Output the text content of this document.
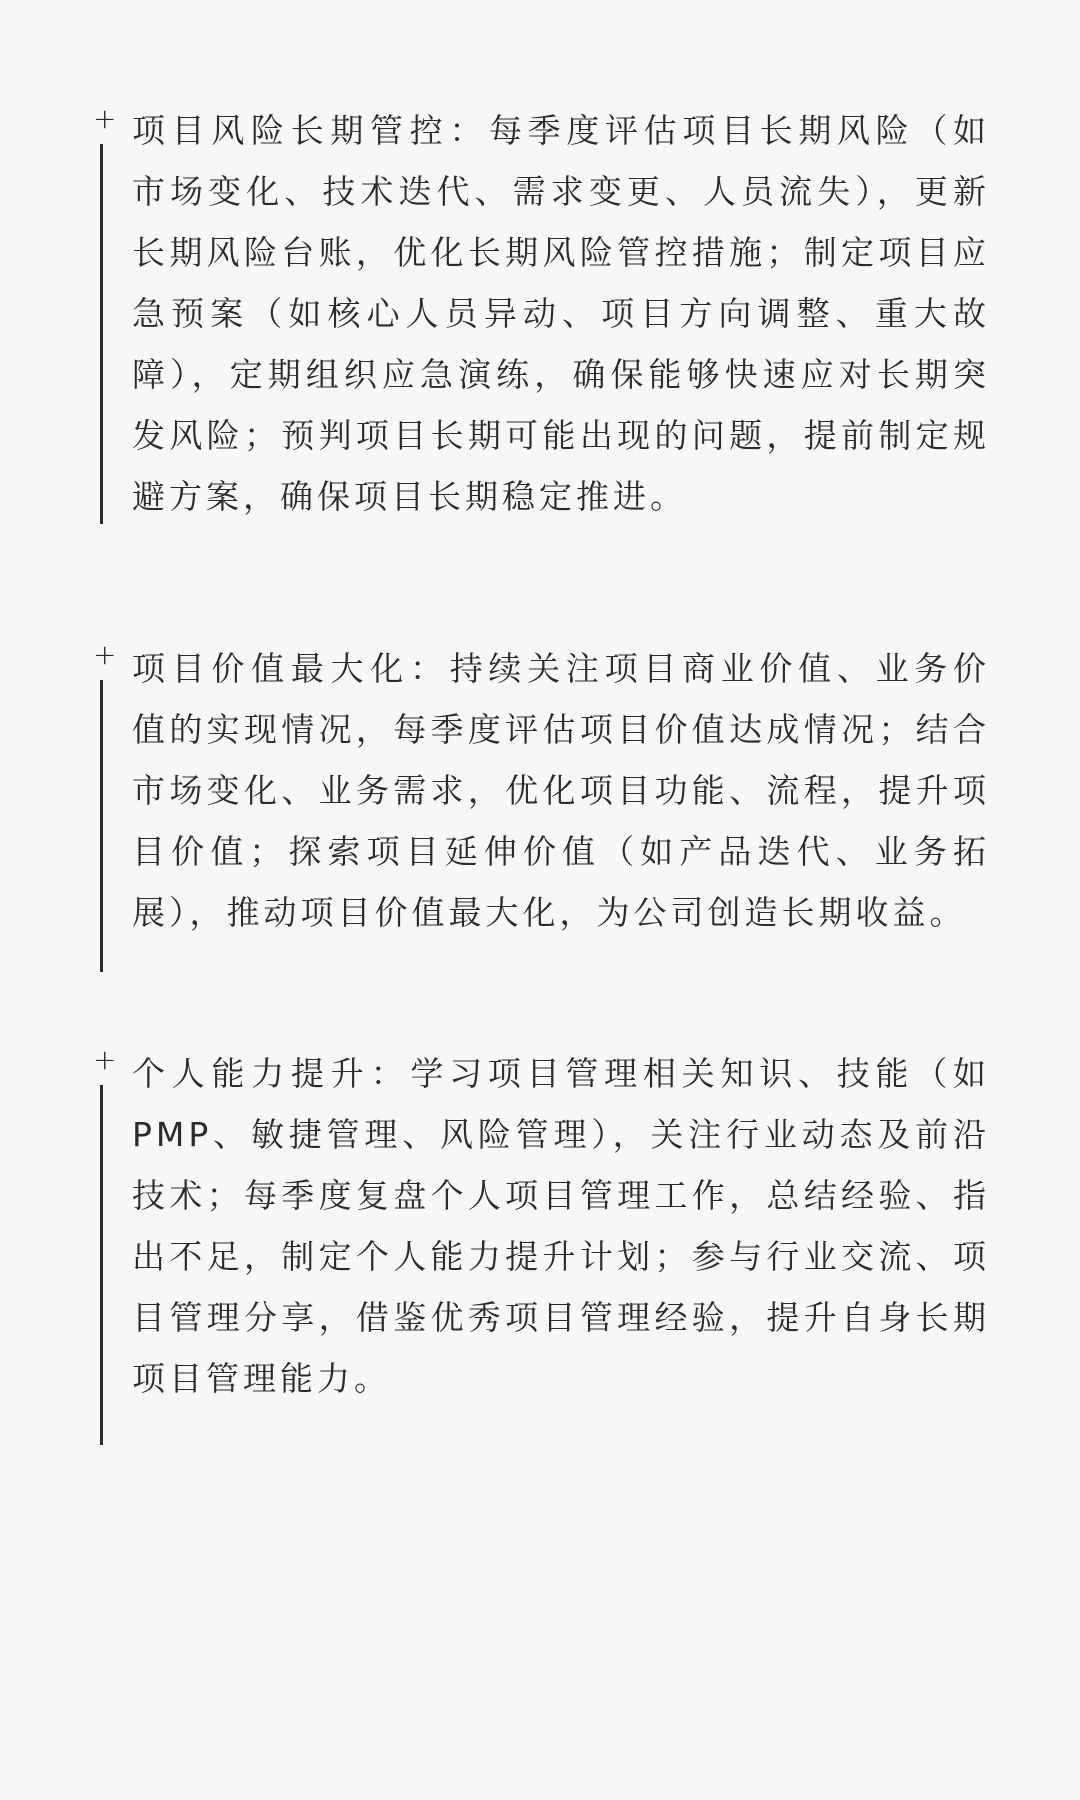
+ 项目风险长期管控：每季度评估项目长期风险（如市场变化、技术迭代、需求变更、人员流失），更新长期风险台账，优化长期风险管控措施；制定项目应急预案（如核心人员异动、项目方向调整、重大故障），定期组织应急演练，确保能够快速应对长期突发风险；预判项目长期可能出现的问题，提前制定规避方案，确保项目长期稳定推进。

+ 项目价值最大化：持续关注项目商业价值、业务价值的实现情况，每季度评估项目价值达成情况；结合市场变化、业务需求，优化项目功能、流程，提升项目价值；探索项目延伸价值（如产品迭代、业务拓展），推动项目价值最大化，为公司创造长期收益。

+ 个人能力提升：学习项目管理相关知识、技能（如PMP、敏捷管理、风险管理），关注行业动态及前沿技术；每季度复盘个人项目管理工作，总结经验、指出不足，制定个人能力提升计划；参与行业交流、项目管理分享，借鉴优秀项目管理经验，提升自身长期项目管理能力。
